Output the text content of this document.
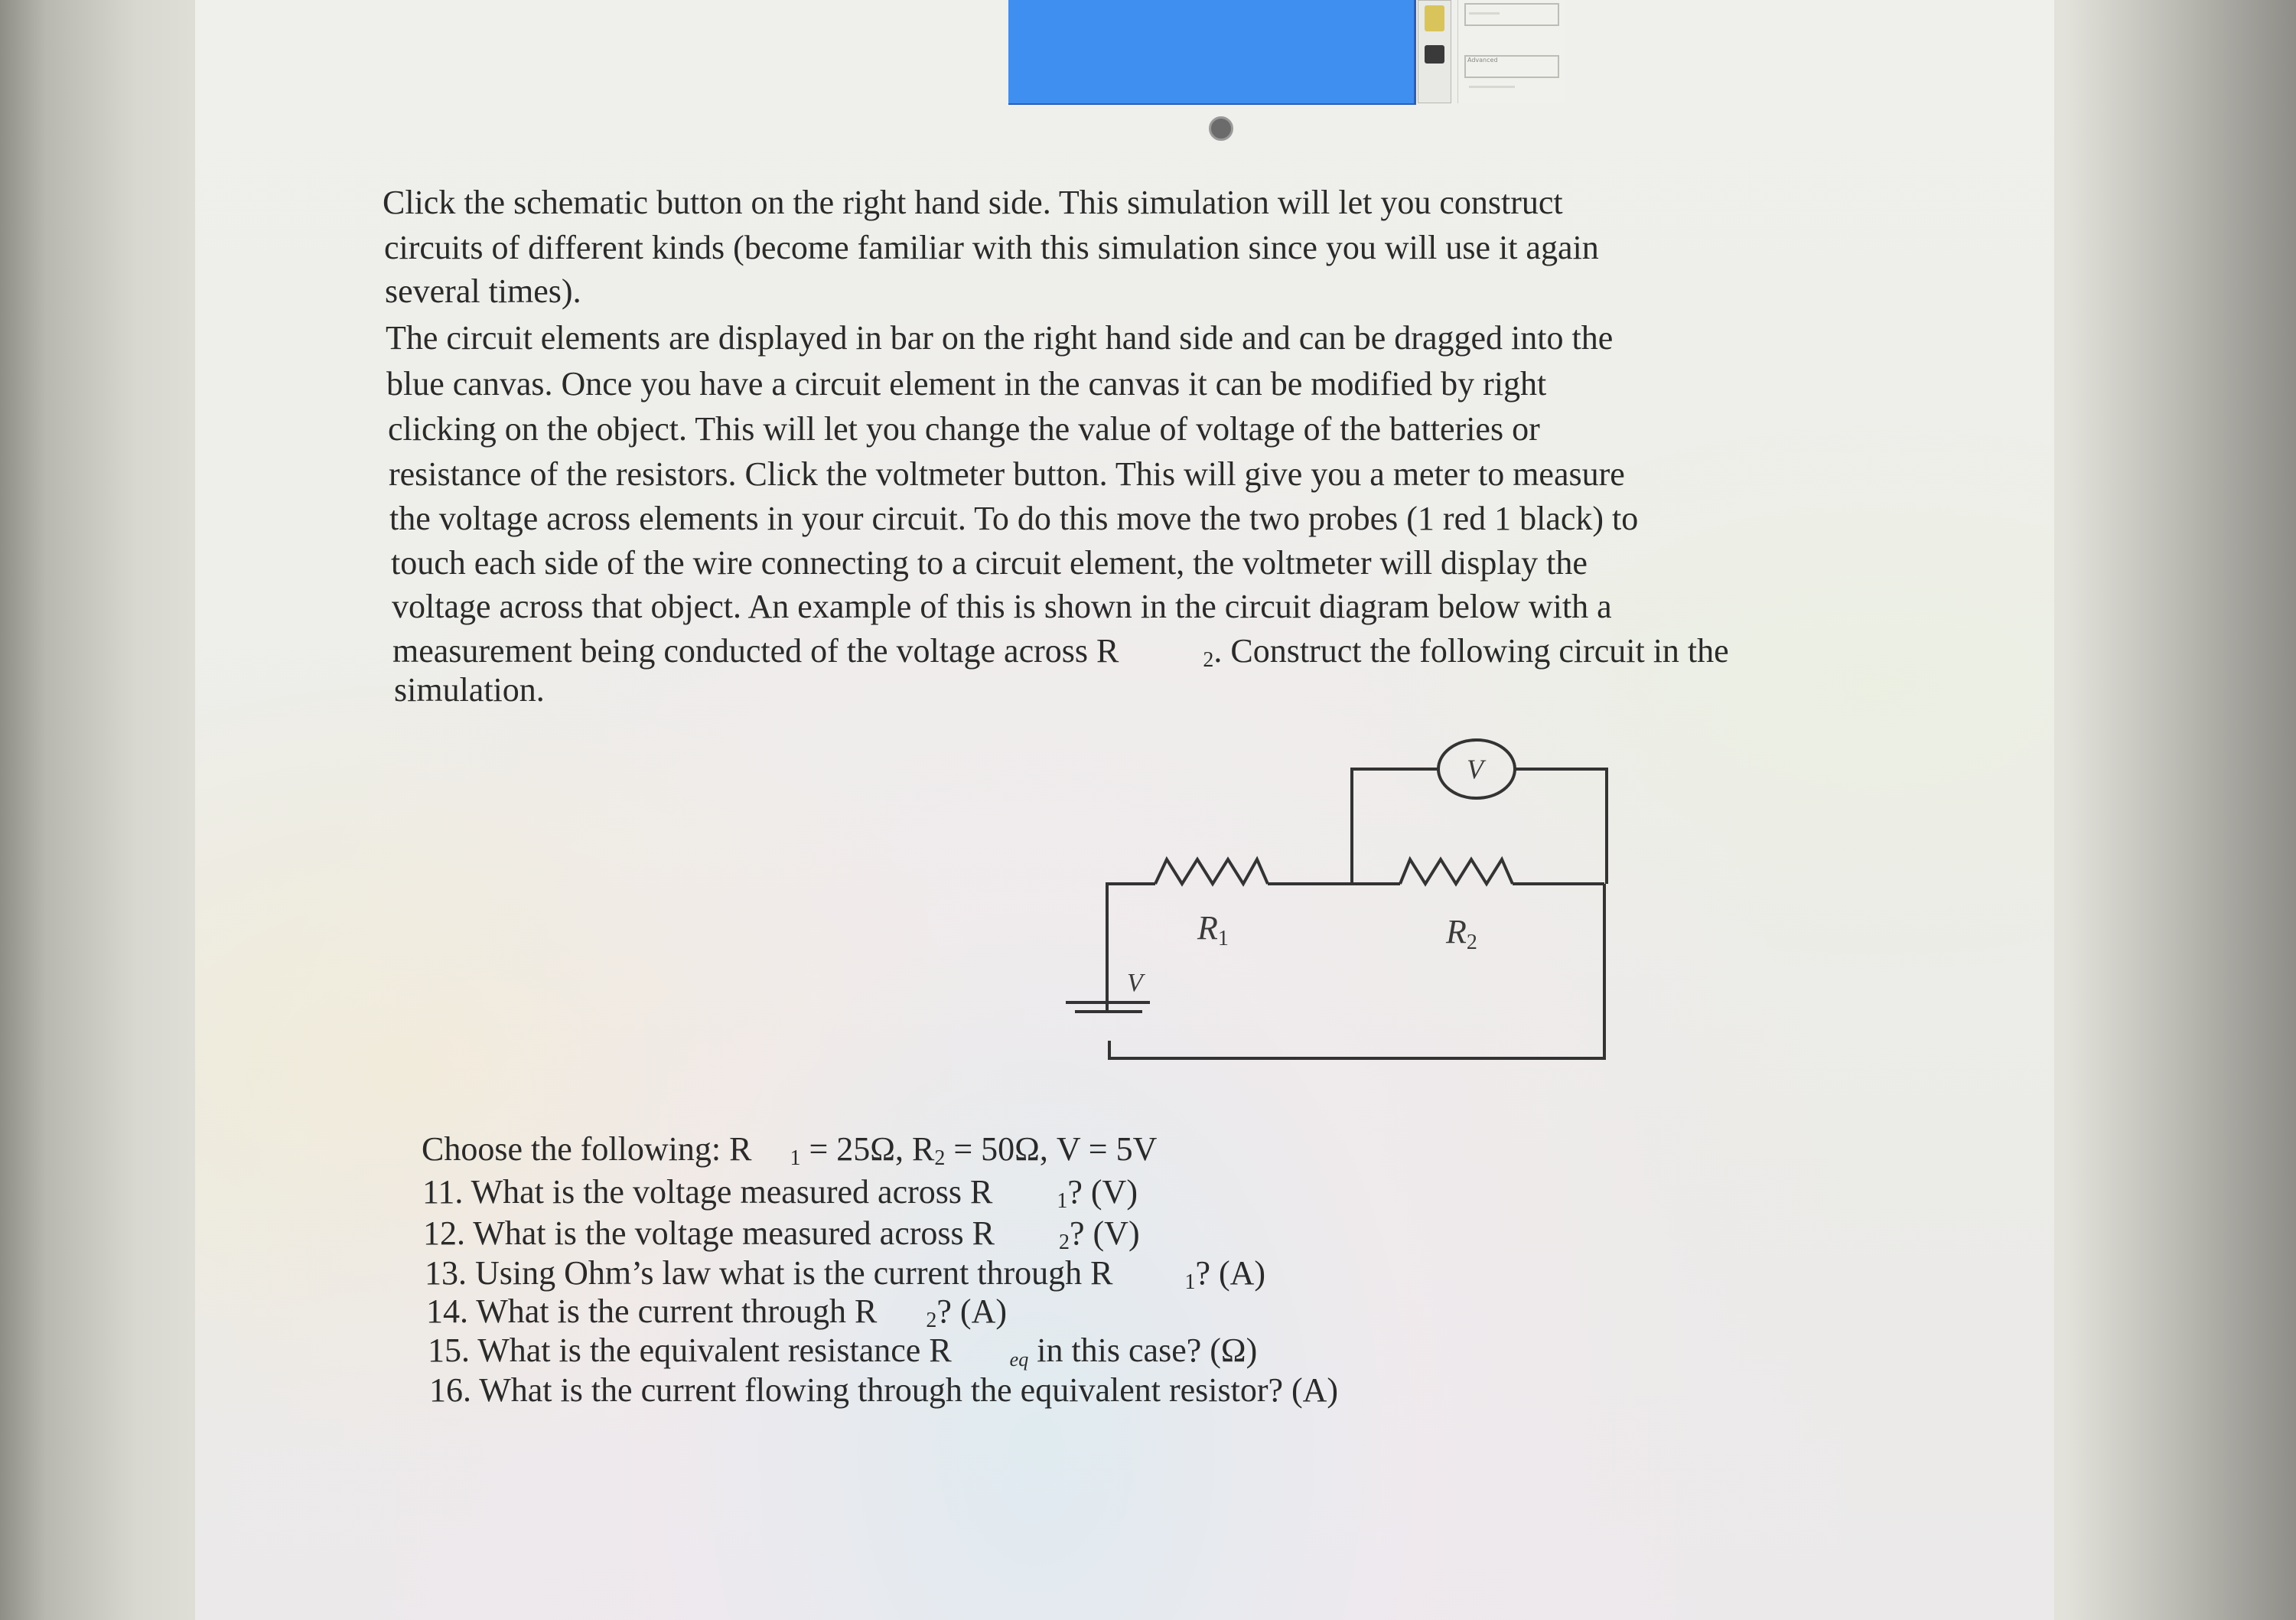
Advanced
Click the schematic button on the right hand side. This simulation will let you construct
circuits of different kinds (become familiar with this simulation since you will use it again
several times).
The circuit elements are displayed in bar on the right hand side and can be dragged into the
blue canvas. Once you have a circuit element in the canvas it can be modified by right
clicking on the object. This will let you change the value of voltage of the batteries or
resistance of the resistors. Click the voltmeter button. This will give you a meter to measure
the voltage across elements in your circuit. To do this move the two probes (1 red 1 black) to
touch each side of the wire connecting to a circuit element, the voltmeter will display the
voltage across that object. An example of this is shown in the circuit diagram below with a
measurement being conducted of the voltage across R	2. Construct the following circuit in the
simulation.
V
R1	R2
V
Choose the following: R 1 = 25Ω, R2 = 50Ω, V = 5V
11. What is the voltage measured across R	1? (V)
12. What is the voltage measured across R	2? (V)
13. Using Ohm’s law what is the current through R	1? (A)
14. What is the current through R 2? (A)
15. What is the equivalent resistance R	eq in this case? (Ω)
16. What is the current flowing through the equivalent resistor? (A)
